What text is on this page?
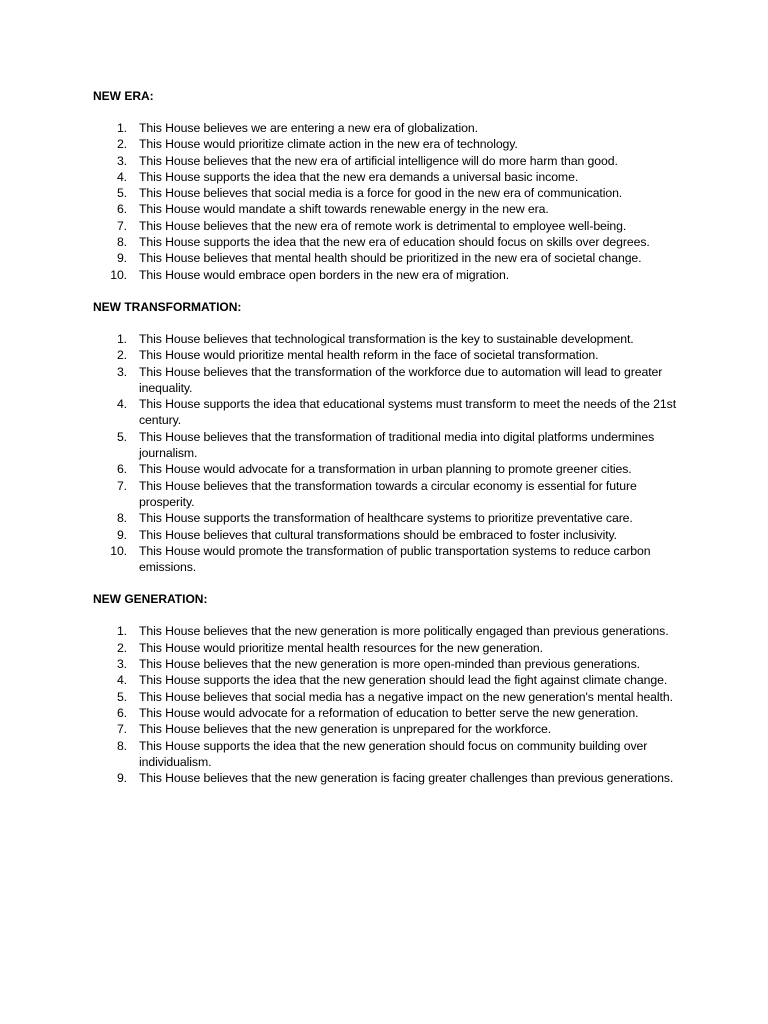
NEW ERA:
1. This House believes we are entering a new era of globalization.
2. This House would prioritize climate action in the new era of technology.
3. This House believes that the new era of artificial intelligence will do more harm than good.
4. This House supports the idea that the new era demands a universal basic income.
5. This House believes that social media is a force for good in the new era of communication.
6. This House would mandate a shift towards renewable energy in the new era.
7. This House believes that the new era of remote work is detrimental to employee well-being.
8. This House supports the idea that the new era of education should focus on skills over degrees.
9. This House believes that mental health should be prioritized in the new era of societal change.
10. This House would embrace open borders in the new era of migration.
NEW TRANSFORMATION:
1. This House believes that technological transformation is the key to sustainable development.
2. This House would prioritize mental health reform in the face of societal transformation.
3. This House believes that the transformation of the workforce due to automation will lead to greater inequality.
4. This House supports the idea that educational systems must transform to meet the needs of the 21st century.
5. This House believes that the transformation of traditional media into digital platforms undermines journalism.
6. This House would advocate for a transformation in urban planning to promote greener cities.
7. This House believes that the transformation towards a circular economy is essential for future prosperity.
8. This House supports the transformation of healthcare systems to prioritize preventative care.
9. This House believes that cultural transformations should be embraced to foster inclusivity.
10. This House would promote the transformation of public transportation systems to reduce carbon emissions.
NEW GENERATION:
1. This House believes that the new generation is more politically engaged than previous generations.
2. This House would prioritize mental health resources for the new generation.
3. This House believes that the new generation is more open-minded than previous generations.
4. This House supports the idea that the new generation should lead the fight against climate change.
5. This House believes that social media has a negative impact on the new generation's mental health.
6. This House would advocate for a reformation of education to better serve the new generation.
7. This House believes that the new generation is unprepared for the workforce.
8. This House supports the idea that the new generation should focus on community building over individualism.
9. This House believes that the new generation is facing greater challenges than previous generations.
